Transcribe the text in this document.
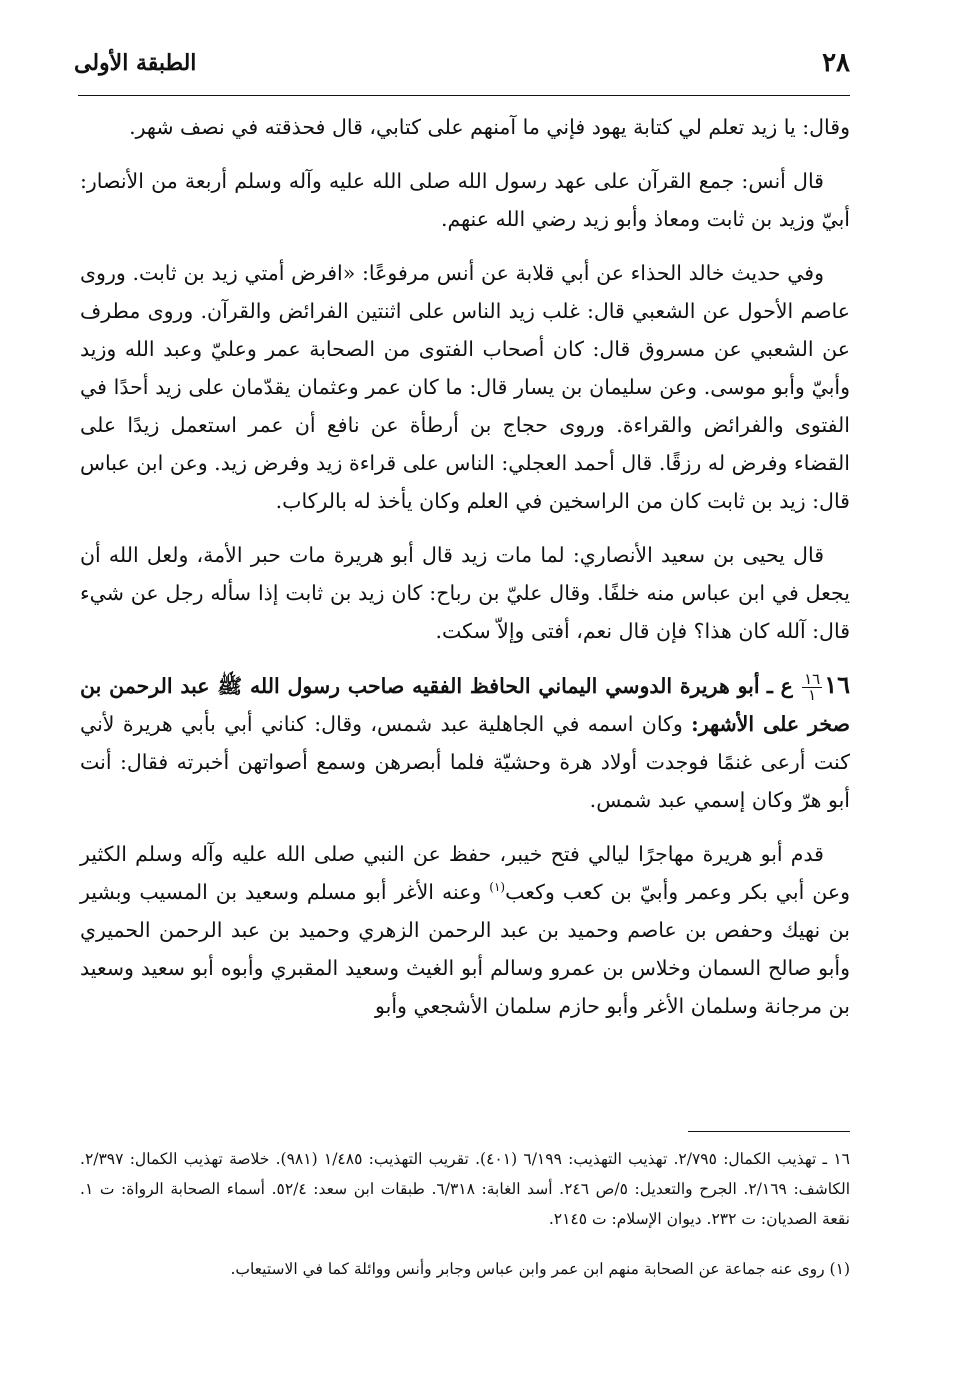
٢٨
الطبقة الأولى

وقال: يا زيد تعلم لي كتابة يهود فإني ما آمنهم على كتابي، قال فحذقته في نصف شهر.

قال أنس: جمع القرآن على عهد رسول الله صلى الله عليه وآله وسلم أربعة من الأنصار: أبيّ وزيد بن ثابت ومعاذ وأبو زيد رضي الله عنهم.

وفي حديث خالد الحذاء عن أبي قلابة عن أنس مرفوعًا: «افرض أمتي زيد بن ثابت. وروى عاصم الأحول عن الشعبي قال: غلب زيد الناس على اثنتين الفرائض والقرآن. وروى مطرف عن الشعبي عن مسروق قال: كان أصحاب الفتوى من الصحابة عمر وعليّ وعبد الله وزيد وأبيّ وأبو موسى. وعن سليمان بن يسار قال: ما كان عمر وعثمان يقدّمان على زيد أحدًا في الفتوى والفرائض والقراءة. وروى حجاج بن أرطأة عن نافع أن عمر استعمل زيدًا على القضاء وفرض له رزقًا. قال أحمد العجلي: الناس على قراءة زيد وفرض زيد. وعن ابن عباس قال: زيد بن ثابت كان من الراسخين في العلم وكان يأخذ له بالركاب.

قال يحيى بن سعيد الأنصاري: لما مات زيد قال أبو هريرة مات حبر الأمة، ولعل الله أن يجعل في ابن عباس منه خلفًا. وقال عليّ بن رباح: كان زيد بن ثابت إذا سأله رجل عن شيء قال: آلله كان هذا؟ فإن قال نعم، أفتى وإلاّ سكت.

١٦
$\frac{١٦}{١}$
ع ـ أبو هريرة الدوسي اليماني الحافظ الفقيه صاحب رسول الله ﷺ عبد الرحمن بن صخر على الأشهر: وكان اسمه في الجاهلية عبد شمس، وقال: كناني أبي بأبي هريرة لأني كنت أرعى غنمًا فوجدت أولاد هرة وحشيّة فلما أبصرهن وسمع أصواتهن أخبرته فقال: أنت أبو هرّ وكان إسمي عبد شمس.

قدم أبو هريرة مهاجرًا ليالي فتح خيبر، حفظ عن النبي صلى الله عليه وآله وسلم الكثير وعن أبي بكر وعمر وأبيّ بن كعب وكعب$^{(١)}$ وعنه الأغر أبو مسلم وسعيد بن المسيب وبشير بن نهيك وحفص بن عاصم وحميد بن عبد الرحمن الزهري وحميد بن عبد الرحمن الحميري وأبو صالح السمان وخلاس بن عمرو وسالم أبو الغيث وسعيد المقبري وأبوه أبو سعيد وسعيد بن مرجانة وسلمان الأغر وأبو حازم سلمان الأشجعي وأبو

١٦ ـ تهذيب الكمال: ٢/٧٩٥. تهذيب التهذيب: ٦/١٩٩ (٤٠١). تقريب التهذيب: ١/٤٨٥ (٩٨١). خلاصة تهذيب الكمال: ٢/٣٩٧. الكاشف: ٢/١٦٩. الجرح والتعديل: ٥/ص ٢٤٦. أسد الغابة: ٦/٣١٨. طبقات ابن سعد: ٥٢/٤. أسماء الصحابة الرواة: ت ١. نقعة الصديان: ت ٢٣٢. ديوان الإسلام: ت ٢١٤٥.

(١) روى عنه جماعة عن الصحابة منهم ابن عمر وابن عباس وجابر وأنس ووائلة كما في الاستيعاب.
